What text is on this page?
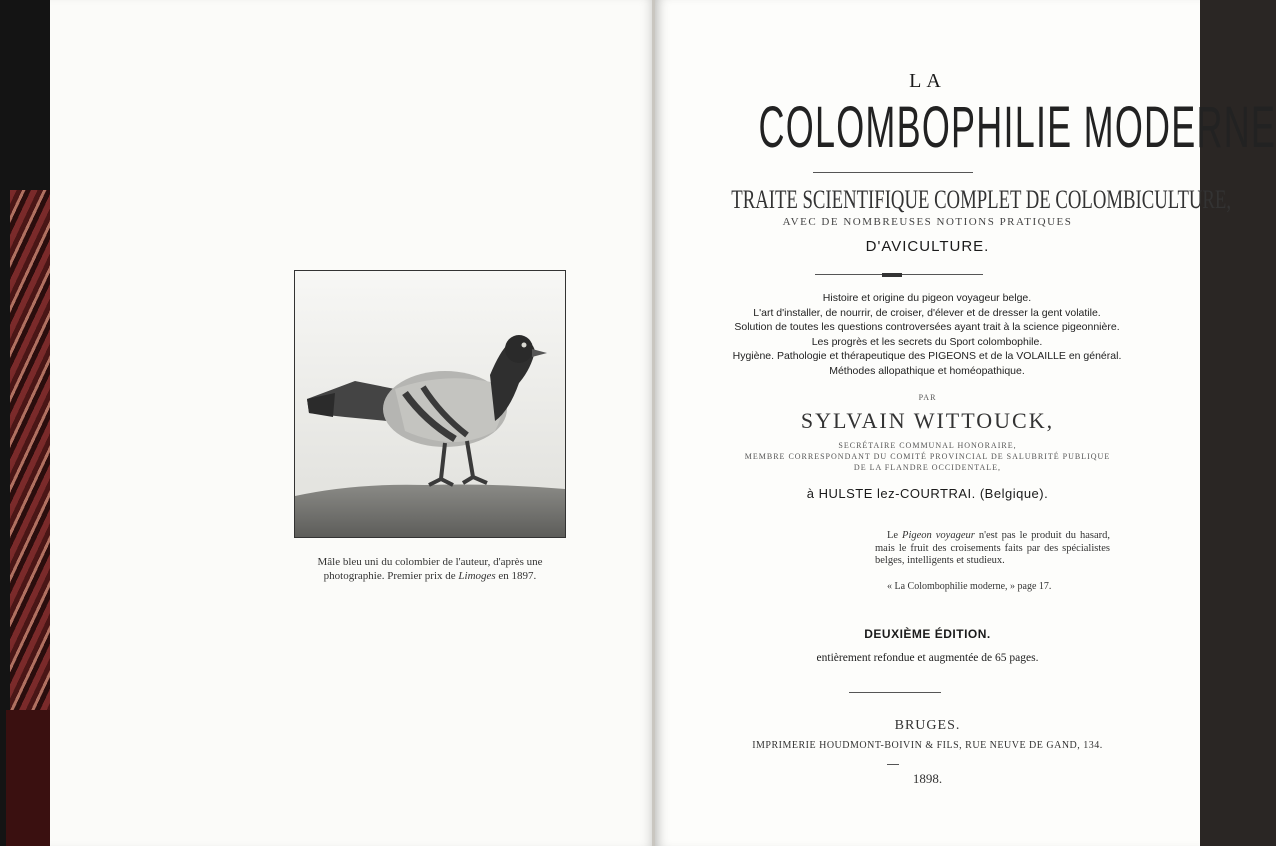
Mâle bleu uni du colombier de l'auteur, d'après une
photographie. Premier prix de Limoges en 1897.
LA
COLOMBOPHILIE MODERNE
TRAITE SCIENTIFIQUE COMPLET DE COLOMBICULTURE,
AVEC DE NOMBREUSES NOTIONS PRATIQUES
D'AVICULTURE.
Histoire et origine du pigeon voyageur belge.
L'art d'installer, de nourrir, de croiser, d'élever et de dresser la gent volatile.
Solution de toutes les questions controversées ayant trait à la science pigeonnière.
Les progrès et les secrets du Sport colombophile.
Hygiène. Pathologie et thérapeutique des PIGEONS et de la VOLAILLE en général.
Méthodes allopathique et homéopathique.
PAR
SYLVAIN WITTOUCK,
SECRÉTAIRE COMMUNAL HONORAIRE,
MEMBRE CORRESPONDANT DU COMITÉ PROVINCIAL DE SALUBRITÉ PUBLIQUE
DE LA FLANDRE OCCIDENTALE,
à HULSTE lez-COURTRAI. (Belgique).
Le Pigeon voyageur n'est pas le produit du hasard, mais le fruit des croisements faits par des spécialistes belges, intelligents et studieux.
« La Colombophilie moderne, » page 17.
DEUXIÈME ÉDITION.
entièrement refondue et augmentée de 65 pages.
BRUGES.
IMPRIMERIE HOUDMONT-BOIVIN & FILS, RUE NEUVE DE GAND, 134.
1898.
